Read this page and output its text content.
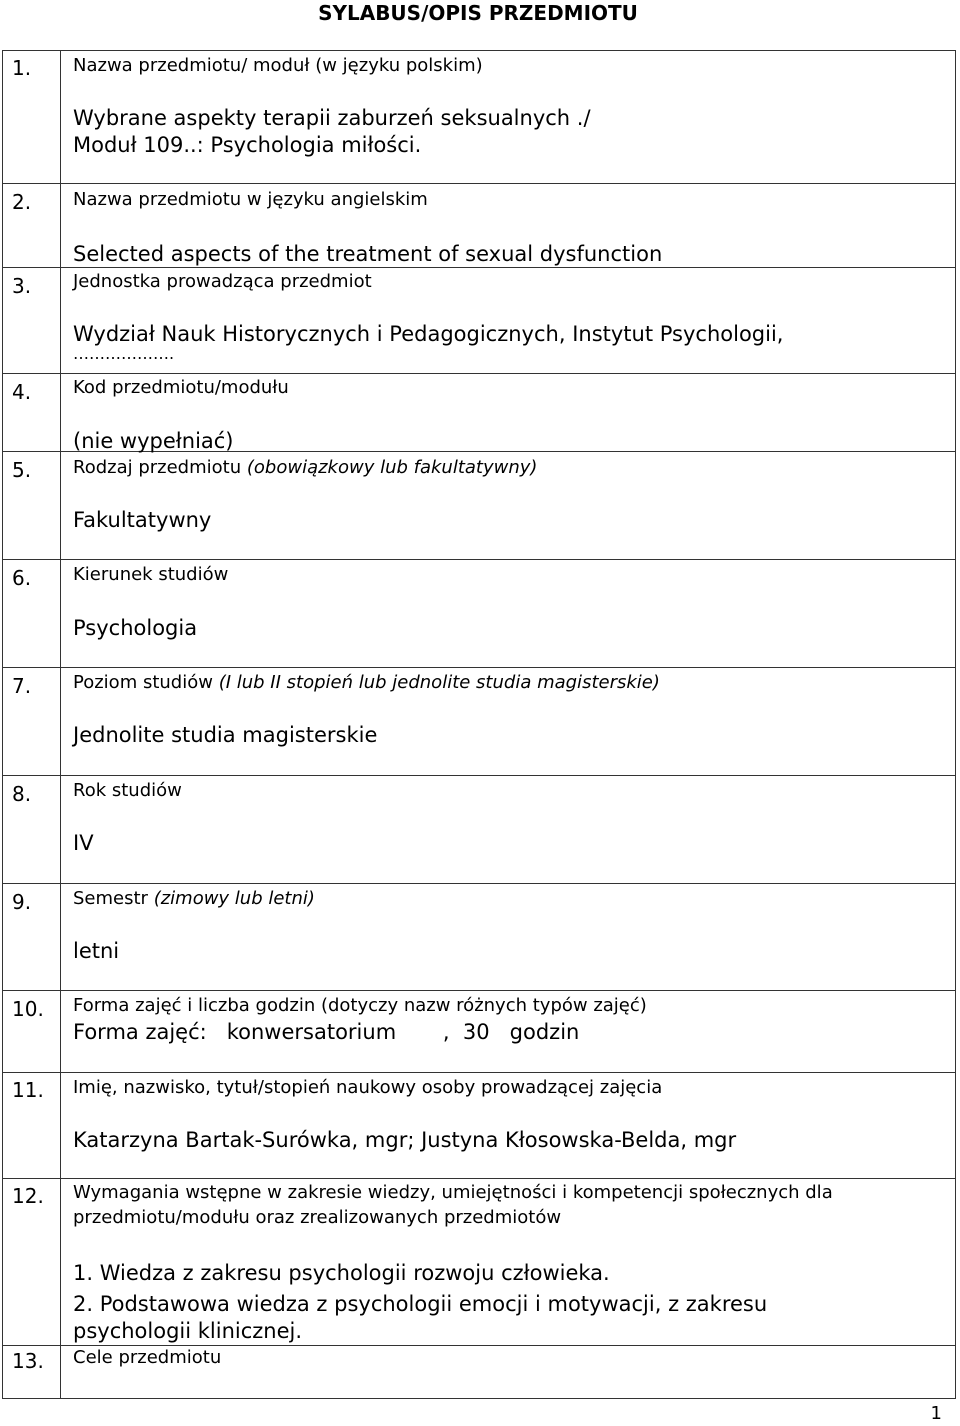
SYLABUS/OPIS PRZEDMIOTU
1. Nazwa przedmiotu/ moduł (w języku polskim)
Wybrane aspekty terapii zaburzeń seksualnych ./
Moduł 109..: Psychologia miłości.
2. Nazwa przedmiotu w języku angielskim
Selected aspects of the treatment of sexual dysfunction
3. Jednostka prowadząca przedmiot
Wydział Nauk Historycznych i Pedagogicznych, Instytut Psychologii,
……………….
4. Kod przedmiotu/modułu
(nie wypełniać)
5. Rodzaj przedmiotu (obowiązkowy lub fakultatywny)
Fakultatywny
6. Kierunek studiów
Psychologia
7. Poziom studiów (I lub II stopień lub jednolite studia magisterskie)
Jednolite studia magisterskie
8. Rok studiów
IV
9. Semestr (zimowy lub letni)
letni
10. Forma zajęć i liczba godzin (dotyczy nazw różnych typów zajęć)
Forma zajęć:   konwersatorium       ,  30   godzin
11. Imię, nazwisko, tytuł/stopień naukowy osoby prowadzącej zajęcia
Katarzyna Bartak-Surówka, mgr; Justyna Kłosowska-Belda, mgr
12. Wymagania wstępne w zakresie wiedzy, umiejętności i kompetencji społecznych dla
przedmiotu/modułu oraz zrealizowanych przedmiotów
1. Wiedza z zakresu psychologii rozwoju człowieka.
2. Podstawowa wiedza z psychologii emocji i motywacji, z zakresu
psychologii klinicznej.
13. Cele przedmiotu
1
